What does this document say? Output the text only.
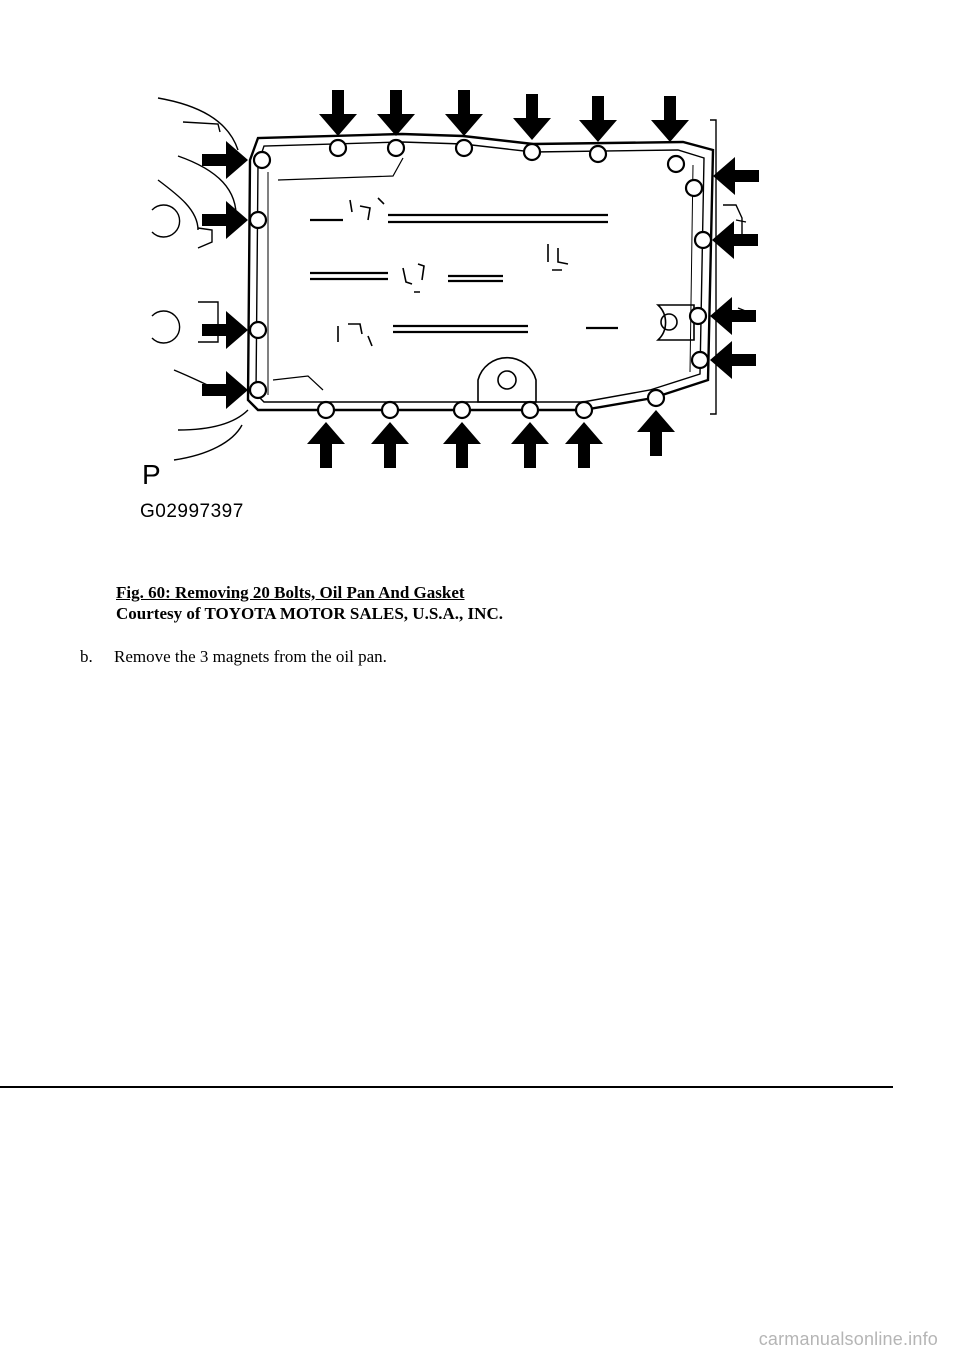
P
G02997397
Fig. 60: Removing 20 Bolts, Oil Pan And Gasket
Courtesy of TOYOTA MOTOR SALES, U.S.A., INC.
b. Remove the 3 magnets from the oil pan.
carmanualsonline.info
